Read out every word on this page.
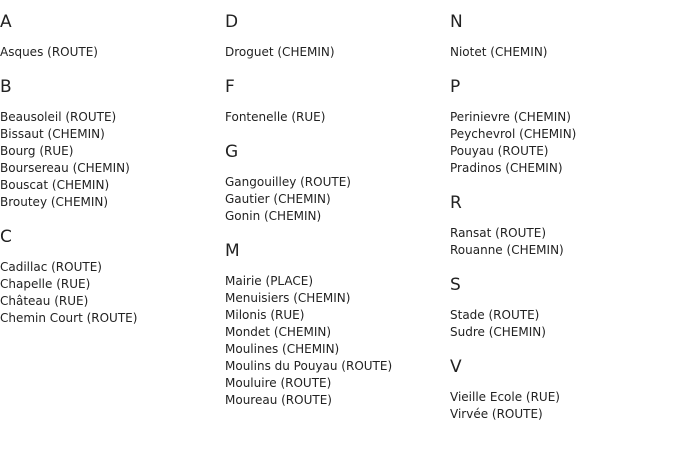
A
Asques (ROUTE)
B
Beausoleil (ROUTE)
Bissaut (CHEMIN)
Bourg (RUE)
Boursereau (CHEMIN)
Bouscat (CHEMIN)
Broutey (CHEMIN)
C
Cadillac (ROUTE)
Chapelle (RUE)
Château (RUE)
Chemin Court (ROUTE)
D
Droguet (CHEMIN)
F
Fontenelle (RUE)
G
Gangouilley (ROUTE)
Gautier (CHEMIN)
Gonin (CHEMIN)
M
Mairie (PLACE)
Menuisiers (CHEMIN)
Milonis (RUE)
Mondet (CHEMIN)
Moulines (CHEMIN)
Moulins du Pouyau (ROUTE)
Mouluire (ROUTE)
Moureau (ROUTE)
N
Niotet (CHEMIN)
P
Perinievre (CHEMIN)
Peychevrol (CHEMIN)
Pouyau (ROUTE)
Pradinos (CHEMIN)
R
Ransat (ROUTE)
Rouanne (CHEMIN)
S
Stade (ROUTE)
Sudre (CHEMIN)
V
Vieille Ecole (RUE)
Virvée (ROUTE)
